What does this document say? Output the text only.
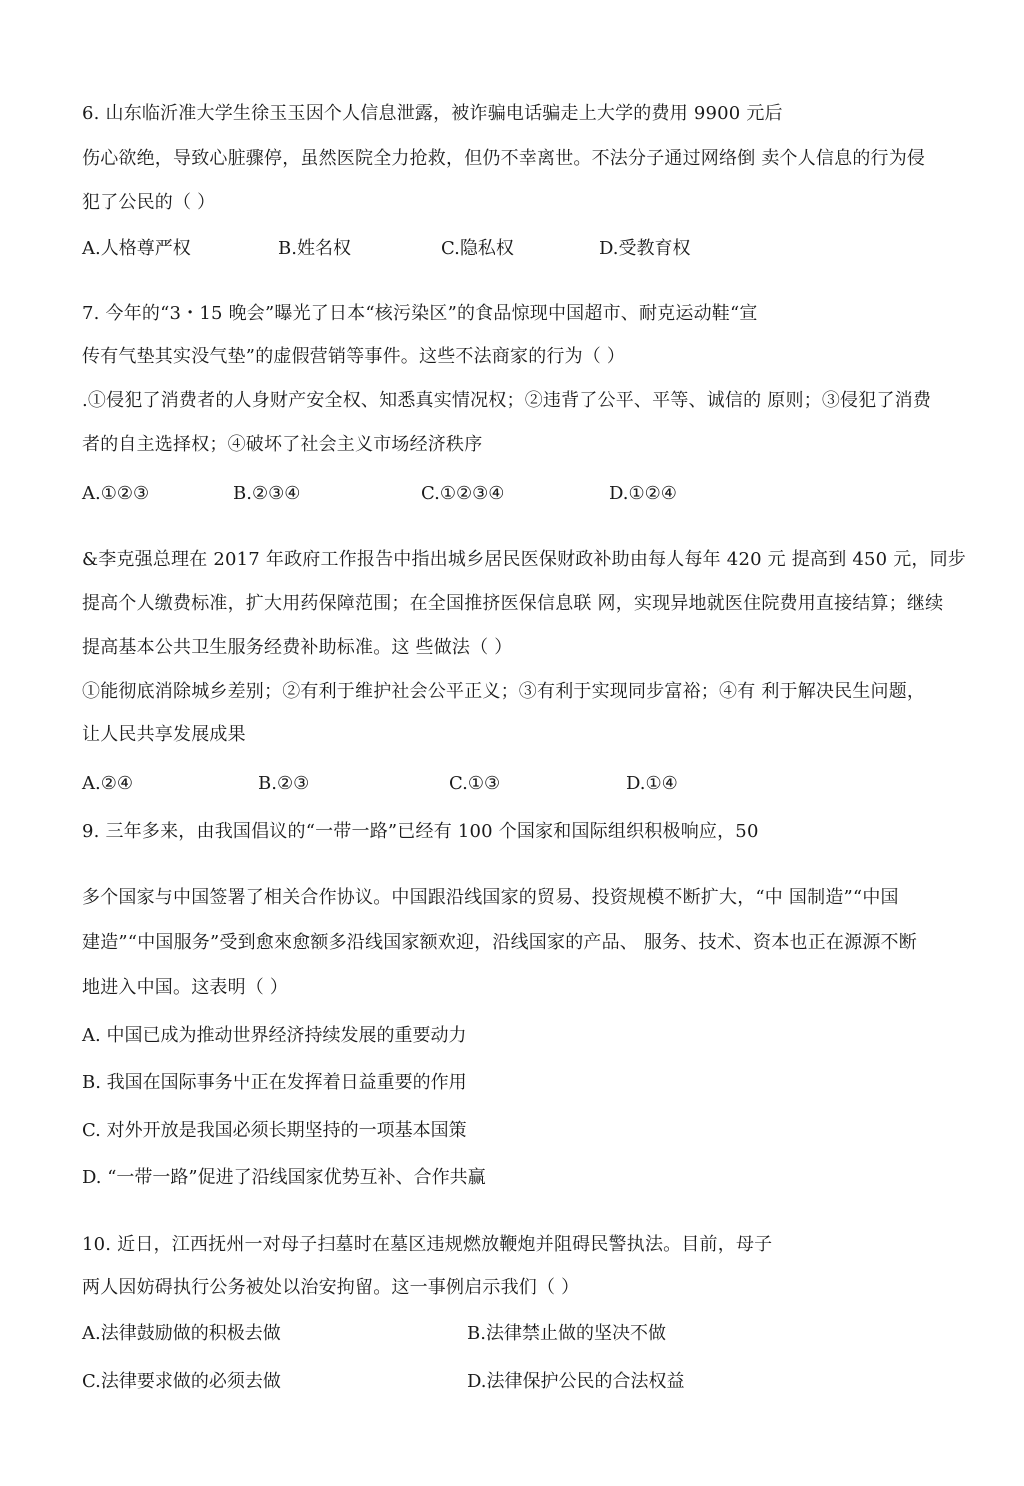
6. 山东临沂准大学生徐玉玉因个人信息泄露，被诈骗电话骗走上大学的费用 9900 元后
伤心欲绝，导致心脏骤停，虽然医院全力抢救，但仍不幸离世。不法分子通过网络倒 卖个人信息的行为侵
犯了公民的（ ）
A.人格尊严权	B.姓名权	C.隐私权	D.受教育权
7. 今年的“3・15 晚会”曝光了日本“核污染区”的食品惊现中国超市、耐克运动鞋“宣
传有气垫其实没气垫”的虚假营销等事件。这些不法商家的行为（ ）
.①侵犯了消费者的人身财产安全权、知悉真实情况权；②违背了公平、平等、诚信的 原则；③侵犯了消费
者的自主选择权；④破坏了社会主义市场经济秩序
A.①②③	B.②③④	C.①②③④	D.①②④
&李克强总理在 2017 年政府工作报告中指出城乡居民医保财政补助由每人每年 420 元 提高到 450 元，同步
提高个人缴费标准，扩大用药保障范围；在全国推挤医保信息联 网，实现异地就医住院费用直接结算；继续
提高基本公共卫生服务经费补助标准。这 些做法（ ）
①能彻底消除城乡差别；②有利于维护社会公平正义；③有利于实现同步富裕；④有 利于解决民生问题，
让人民共享发展成果
A.②④	B.②③	C.①③	D.①④
9. 三年多来，由我国倡议的“一带一路”已经有 100 个国家和国际组织积极响应，50
多个国家与中国签署了相关合作协议。中国跟沿线国家的贸易、投资规模不断扩大，“中 国制造”“中国
建造”“中国服务”受到愈來愈额多沿线国家额欢迎，沿线国家的产品、 服务、技术、资本也正在源源不断
地进入中国。这表明（ ）
A. 中国已成为推动世界经济持续发展的重要动力
B. 我国在国际事务屮正在发挥着日益重要的作用
C. 对外开放是我国必须长期坚持的一项基本国策
D. “一带一路”促进了沿线国家优势互补、合作共赢
10. 近日，江西抚州一对母子扫墓时在墓区违规燃放鞭炮并阻碍民警执法。目前，母子
两人因妨碍执行公务被处以治安拘留。这一事例启示我们（ ）
A.法律鼓励做的积极去做	B.法律禁止做的坚决不做
C.法律要求做的必须去做	D.法律保护公民的合法权益
